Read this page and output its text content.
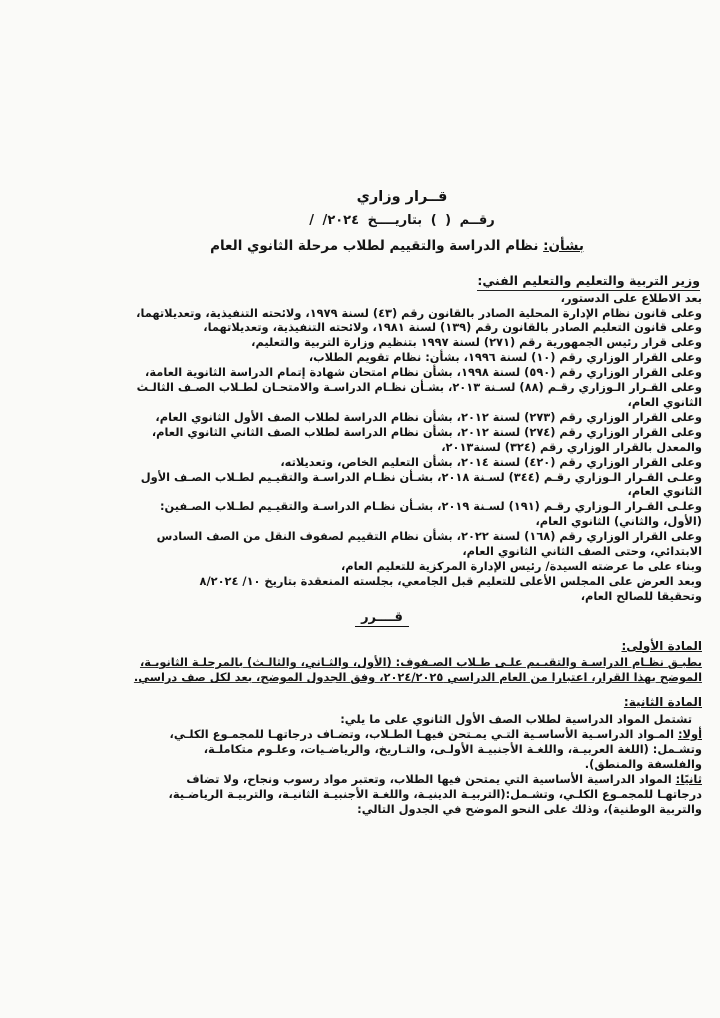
قــرار وزاري
رقــم ( ) بتاريــــخ / /٢٠٢٤
بشأن: نظام الدراسة والتقييم لطلاب مرحلة الثانوي العام
وزير التربية والتعليم والتعليم الفني:
بعد الاطلاع على الدستور،
وعلى قانون نظام الإدارة المحلية الصادر بالقانون رقم (٤٣) لسنة ١٩٧٩، ولائحته التنفيذية، وتعديلاتهما،
وعلى قانون التعليم الصادر بالقانون رقم (١٣٩) لسنة ١٩٨١، ولائحته التنفيذية، وتعديلاتهما،
وعلى قرار رئيس الجمهورية رقم (٢٧١) لسنة ١٩٩٧ بتنظيم وزارة التربية والتعليم،
وعلى القرار الوزاري رقم (١٠) لسنة ١٩٩٦، بشأن: نظام تقويم الطلاب،
وعلى القرار الوزاري رقم (٥٩٠) لسنة ١٩٩٨، بشأن نظام امتحان شهادة إتمام الدراسة الثانوية العامة،
وعلى القـرار الـوزاري رقـم (٨٨) لسـنة ٢٠١٣، بشـأن نظـام الدراسـة والامتحـان لطـلاب الصـف الثالـث
الثانوي العام،
وعلى القرار الوزاري رقم (٢٧٣) لسنة ٢٠١٢، بشأن نظام الدراسة لطلاب الصف الأول الثانوي العام،
وعلى القرار الوزاري رقم (٢٧٤) لسنة ٢٠١٢، بشأن نظام الدراسة لطلاب الصف الثاني الثانوي العام،
والمعدل بالقرار الوزاري رقم (٣٢٤) لسنة٢٠١٣،
وعلى القرار الوزاري رقم (٤٢٠) لسنة ٢٠١٤، بشأن التعليم الخاص، وتعديلاته،
وعلـى القـرار الـوزاري رقـم (٣٤٤) لسـنة ٢٠١٨، بشـأن نظـام الدراسـة والتقيـيم لطـلاب الصـف الأول
الثانوي العام،
وعلـى القـرار الـوزاري رقـم (١٩١) لسـنة ٢٠١٩، بشـأن نظـام الدراسـة والتقيـيم لطـلاب الصـفين:
(الأول، والثاني) الثانوي العام،
وعلى القرار الوزاري رقم (١٦٨) لسنة ٢٠٢٢، بشأن نظام التقييم لصفوف النقل من الصف السادس
الابتدائي، وحتى الصف الثاني الثانوي العام،
وبناء على ما عرضته السيدة/ رئيس الإدارة المركزية للتعليم العام،
وبعد العرض على المجلس الأعلى للتعليم قبل الجامعي، بجلسته المنعقدة بتاريخ ١٠/ ٨/٢٠٢٤
وتحقيقا للصالح العام،
قــــرر
المادة الأولى:
يطبـق نظـام الدراسـة والتقيـيم علـى طـلاب الصـفوف: (الأول، والثـاني، والثالـث) بالمرحلـة الثانويـة،
الموضح بهذا القرار، اعتبارا من العام الدراسي ٢٠٢٤/٢٠٢٥، وفق الجدول الموضح، بعد لكل صف دراسي.
المادة الثانية:
تشتمل المواد الدراسية لطلاب الصف الأول الثانوي على ما يلي:
أولا: المـواد الدراسـية الأساسـية التـي يمـتحن فيهـا الطـلاب، وتضـاف درجاتهـا للمجمـوع الكلـي،
وتشـمل: (اللغة العربيـة، واللغـة الأجنبيـة الأولـى، والتـاريخ، والرياضـيات، وعلـوم متكاملـة،
والفلسفة والمنطق).
ثانيًا: المواد الدراسية الأساسية التي يمتحن فيها الطلاب، وتعتبر مواد رسوب ونجاح، ولا تضاف
درجاتهـا للمجمـوع الكلـي، وتشـمل:(التربيـة الدينيـة، واللغـة الأجنبيـة الثانيـة، والتربيـة الرياضـية،
والتربية الوطنية)، وذلك على النحو الموضح في الجدول التالي:
